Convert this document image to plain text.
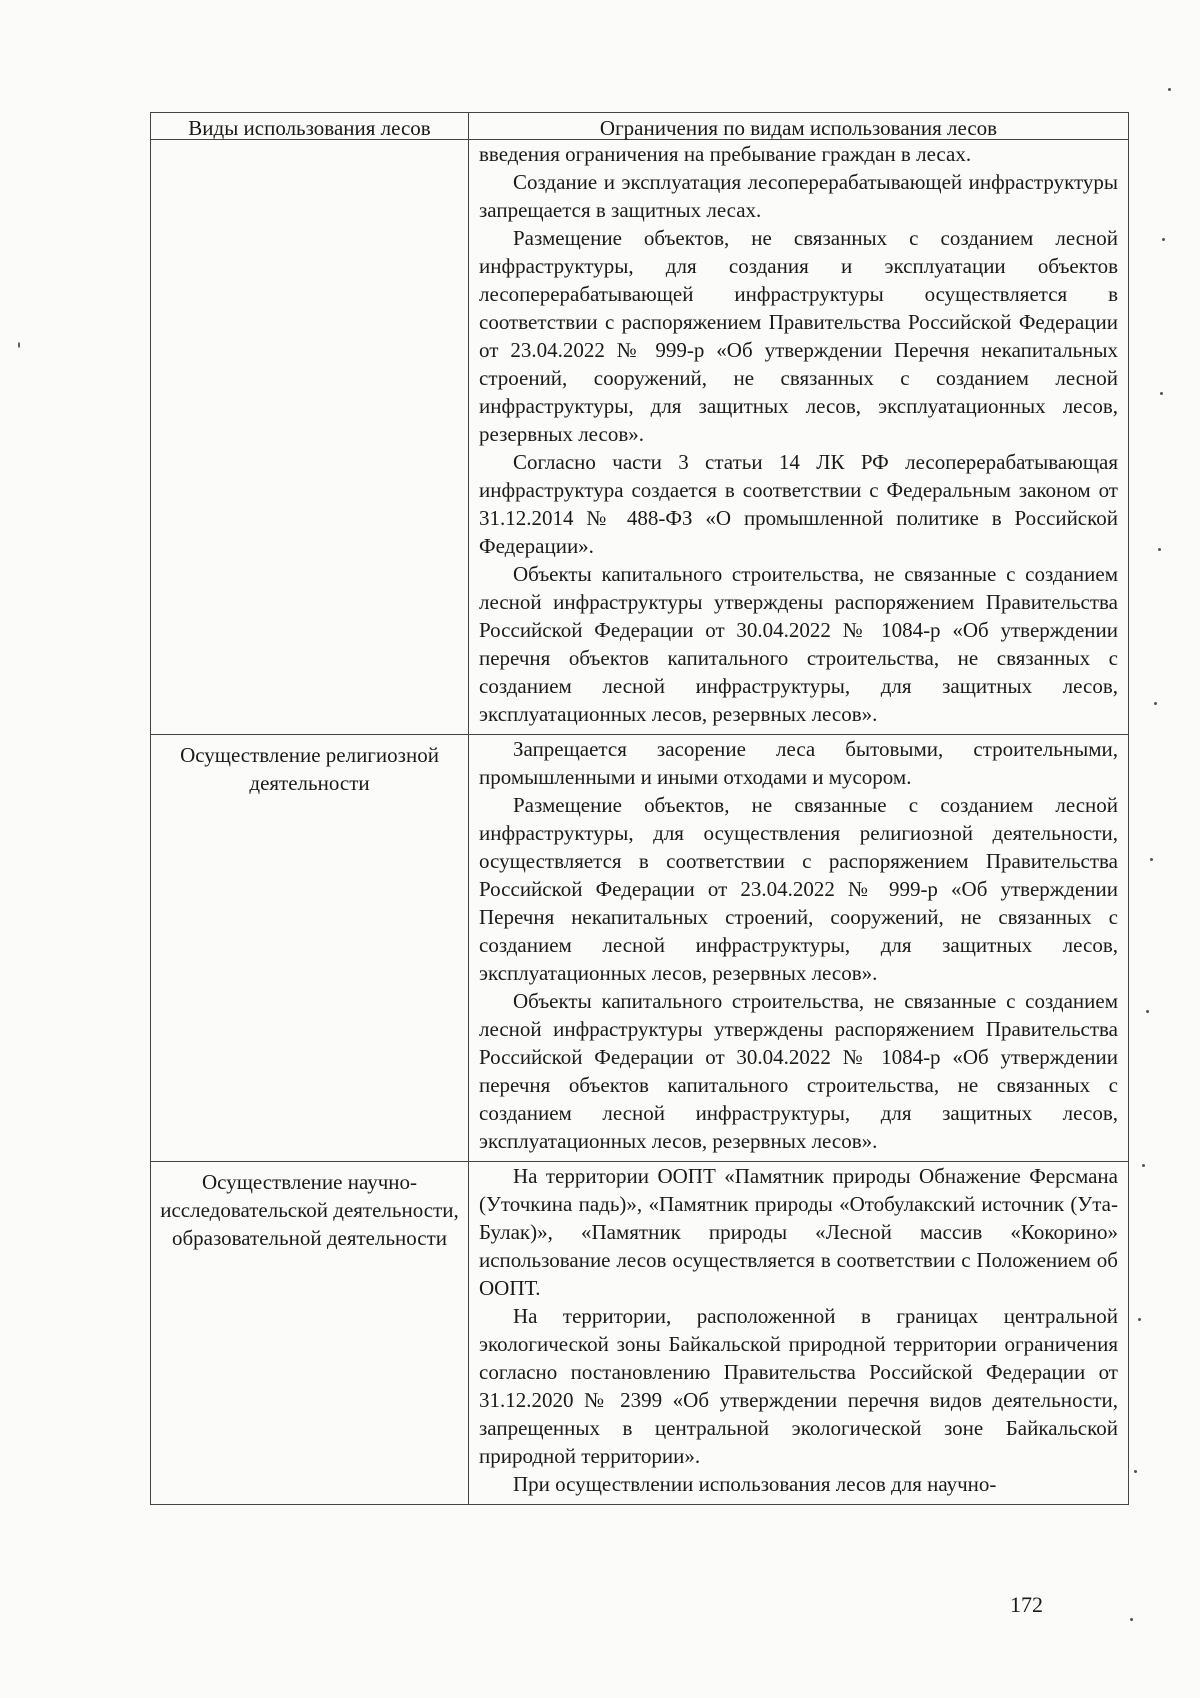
Виды использования лесов	Ограничения по видам использования лесов

	введения ограничения на пребывание граждан в лесах.

Создание и эксплуатация лесоперерабатывающей инфраструктуры запрещается в защитных лесах.

Размещение объектов, не связанных с созданием лесной инфраструктуры, для создания и эксплуатации объектов лесоперерабатывающей инфраструктуры осуществляется в соответствии с распоряжением Правительства Российской Федерации от 23.04.2022 № 999-р «Об утверждении Перечня некапитальных строений, сооружений, не связанных с созданием лесной инфраструктуры, для защитных лесов, эксплуатационных лесов, резервных лесов».

Согласно части 3 статьи 14 ЛК РФ лесоперерабатывающая инфраструктура создается в соответствии с Федеральным законом от 31.12.2014 № 488-ФЗ «О промышленной политике в Российской Федерации».

Объекты капитального строительства, не связанные с созданием лесной инфраструктуры утверждены распоряжением Правительства Российской Федерации от 30.04.2022 № 1084-р «Об утверждении перечня объектов капитального строительства, не связанных с созданием лесной инфраструктуры, для защитных лесов, эксплуатационных лесов, резервных лесов».

Осуществление религиозной деятельности	Запрещается засорение леса бытовыми, строительными, промышленными и иными отходами и мусором.

Размещение объектов, не связанные с созданием лесной инфраструктуры, для осуществления религиозной деятельности, осуществляется в соответствии с распоряжением Правительства Российской Федерации от 23.04.2022 № 999-р «Об утверждении Перечня некапитальных строений, сооружений, не связанных с созданием лесной инфраструктуры, для защитных лесов, эксплуатационных лесов, резервных лесов».

Объекты капитального строительства, не связанные с созданием лесной инфраструктуры утверждены распоряжением Правительства Российской Федерации от 30.04.2022 № 1084-р «Об утверждении перечня объектов капитального строительства, не связанных с созданием лесной инфраструктуры, для защитных лесов, эксплуатационных лесов, резервных лесов».

Осуществление научно-исследовательской деятельности, образовательной деятельности	На территории ООПТ «Памятник природы Обнажение Ферсмана (Уточкина падь)», «Памятник природы «Отобулакский источник (Ута-Булак)», «Памятник природы «Лесной массив «Кокорино» использование лесов осуществляется в соответствии с Положением об ООПТ.

На территории, расположенной в границах центральной экологической зоны Байкальской природной территории ограничения согласно постановлению Правительства Российской Федерации от 31.12.2020 № 2399 «Об утверждении перечня видов деятельности, запрещенных в центральной экологической зоне Байкальской природной территории».

При осуществлении использования лесов для научно-

172
